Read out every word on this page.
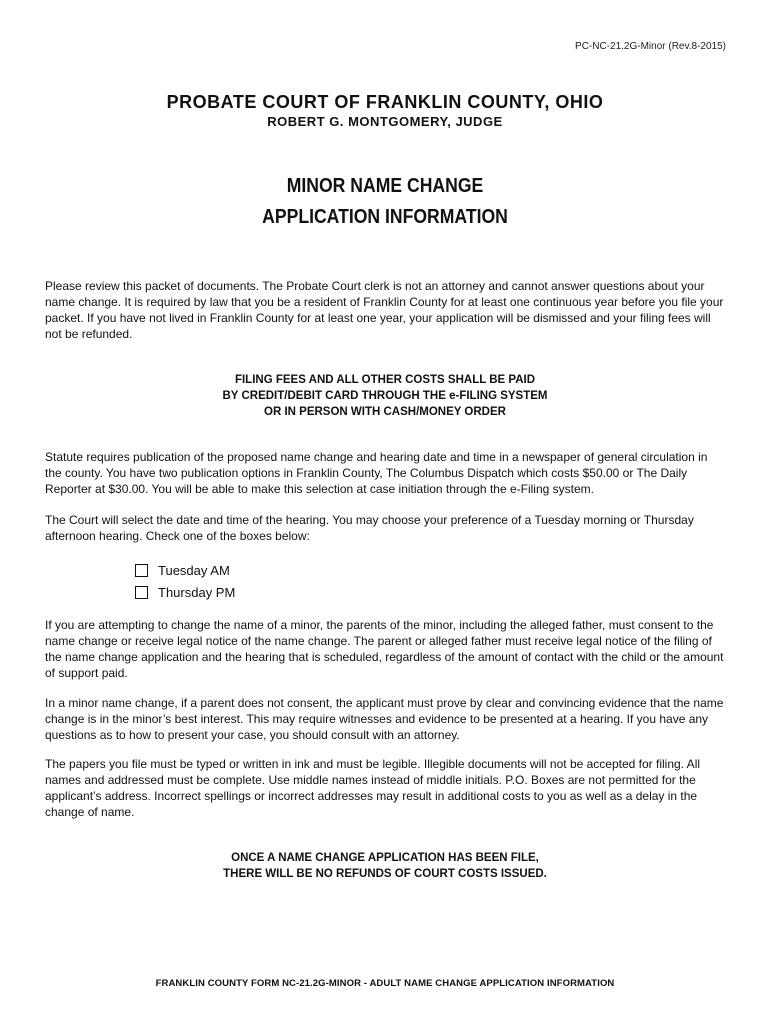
PC-NC-21.2G-Minor (Rev.8-2015)
PROBATE COURT OF FRANKLIN COUNTY, OHIO
ROBERT G. MONTGOMERY, JUDGE
MINOR NAME CHANGE
APPLICATION INFORMATION
Please review this packet of documents. The Probate Court clerk is not an attorney and cannot answer questions about your name change. It is required by law that you be a resident of Franklin County for at least one continuous year before you file your packet. If you have not lived in Franklin County for at least one year, your application will be dismissed and your filing fees will not be refunded.
FILING FEES AND ALL OTHER COSTS SHALL BE PAID
BY CREDIT/DEBIT CARD THROUGH THE e-FILING SYSTEM
OR IN PERSON WITH CASH/MONEY ORDER
Statute requires publication of the proposed name change and hearing date and time in a newspaper of general circulation in the county. You have two publication options in Franklin County, The Columbus Dispatch which costs $50.00 or The Daily Reporter at $30.00. You will be able to make this selection at case initiation through the e-Filing system.
The Court will select the date and time of the hearing. You may choose your preference of a Tuesday morning or Thursday afternoon hearing. Check one of the boxes below:
Tuesday AM
Thursday PM
If you are attempting to change the name of a minor, the parents of the minor, including the alleged father, must consent to the name change or receive legal notice of the name change. The parent or alleged father must receive legal notice of the filing of the name change application and the hearing that is scheduled, regardless of the amount of contact with the child or the amount of support paid.
In a minor name change, if a parent does not consent, the applicant must prove by clear and convincing evidence that the name change is in the minor’s best interest. This may require witnesses and evidence to be presented at a hearing. If you have any questions as to how to present your case, you should consult with an attorney.
The papers you file must be typed or written in ink and must be legible. Illegible documents will not be accepted for filing. All names and addressed must be complete. Use middle names instead of middle initials. P.O. Boxes are not permitted for the applicant’s address. Incorrect spellings or incorrect addresses may result in additional costs to you as well as a delay in the change of name.
ONCE A NAME CHANGE APPLICATION HAS BEEN FILE,
THERE WILL BE NO REFUNDS OF COURT COSTS ISSUED.
FRANKLIN COUNTY FORM NC-21.2G-MINOR - ADULT NAME CHANGE APPLICATION INFORMATION
